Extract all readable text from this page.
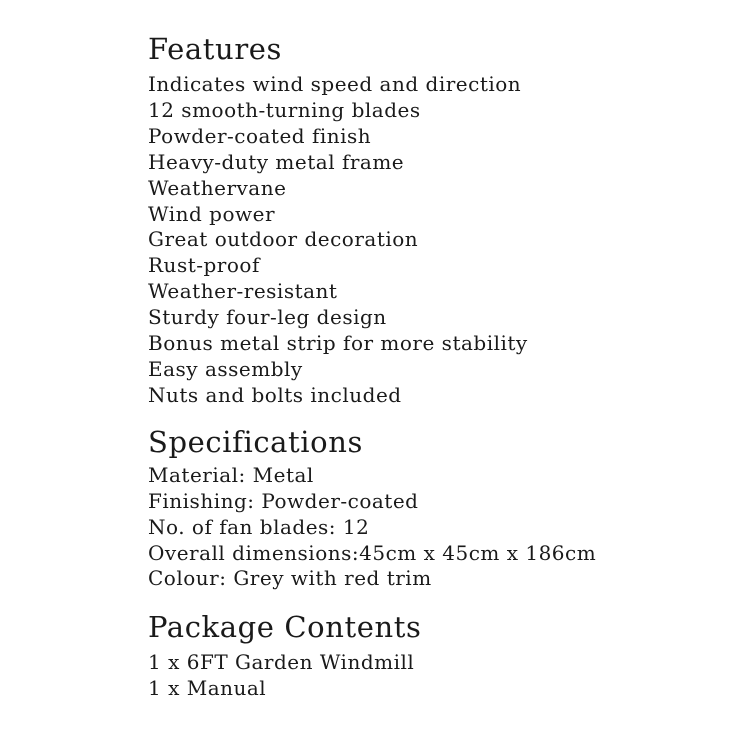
Features
Indicates wind speed and direction
12 smooth-turning blades
Powder-coated finish
Heavy-duty metal frame
Weathervane
Wind power
Great outdoor decoration
Rust-proof
Weather-resistant
Sturdy four-leg design
Bonus metal strip for more stability
Easy assembly
Nuts and bolts included
Specifications
Material: Metal
Finishing: Powder-coated
No. of fan blades: 12
Overall dimensions:45cm x 45cm x 186cm
Colour: Grey with red trim
Package Contents
1 x 6FT Garden Windmill
1 x Manual
